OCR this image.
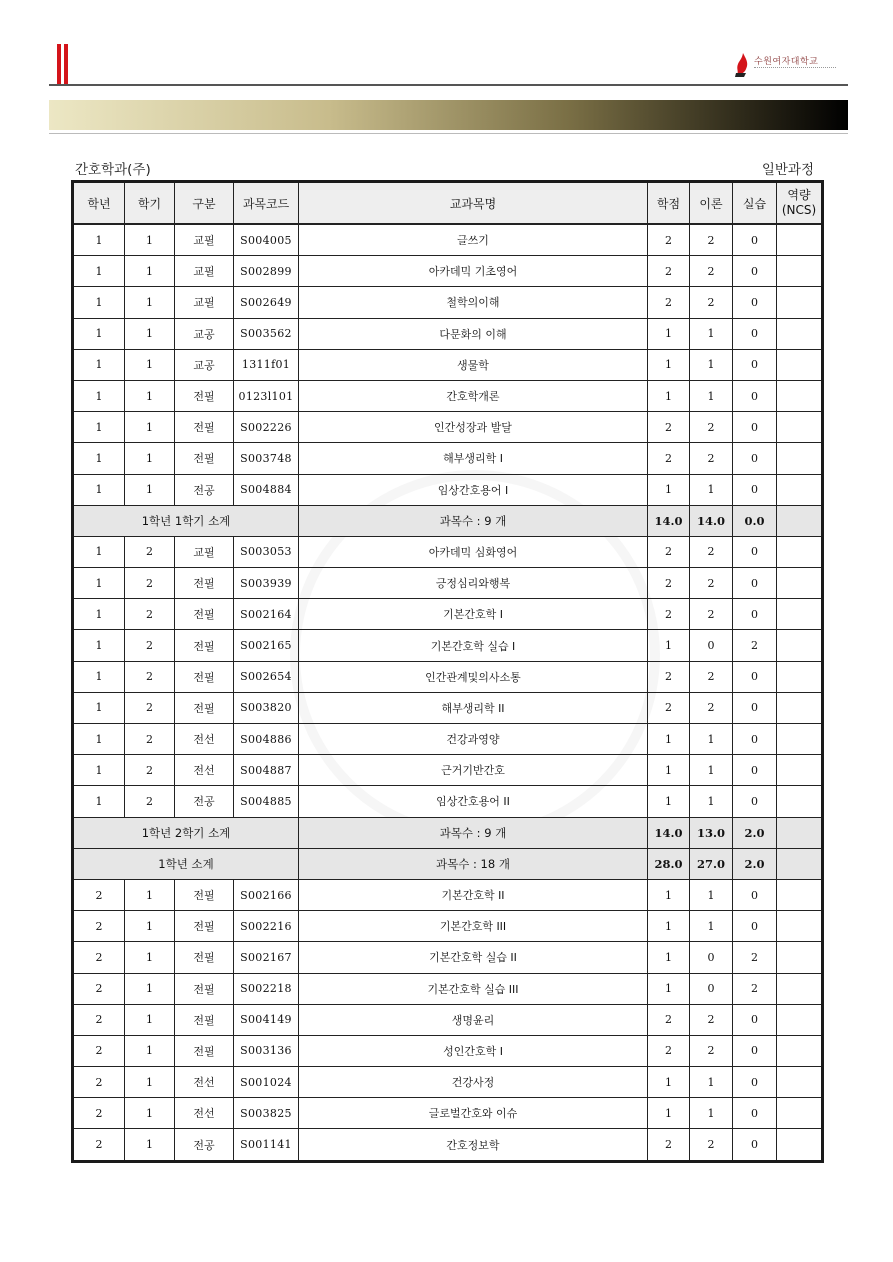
수원여자대학교
간호학과(주)	일반과정
학년	학기	구분	과목코드	교과목명	학점	이론	실습	역량
(NCS)
1	1	교필	S004005	글쓰기	2	2	0	
1	1	교필	S002899	아카데믹 기초영어	2	2	0	
1	1	교필	S002649	철학의이해	2	2	0	
1	1	교공	S003562	다문화의 이해	1	1	0	
1	1	교공	1311f01	생물학	1	1	0	
1	1	전필	0123l101	간호학개론	1	1	0	
1	1	전필	S002226	인간성장과 발달	2	2	0	
1	1	전필	S003748	해부생리학 I	2	2	0	
1	1	전공	S004884	임상간호용어 I	1	1	0	
1학년 1학기 소계				과목수 : 9 개	14.0	14.0	0.0	
1	2	교필	S003053	아카데믹 심화영어	2	2	0	
1	2	전필	S003939	긍정심리와행복	2	2	0	
1	2	전필	S002164	기본간호학 I	2	2	0	
1	2	전필	S002165	기본간호학 실습 I	1	0	2	
1	2	전필	S002654	인간관계및의사소통	2	2	0	
1	2	전필	S003820	해부생리학 II	2	2	0	
1	2	전선	S004886	건강과영양	1	1	0	
1	2	전선	S004887	근거기반간호	1	1	0	
1	2	전공	S004885	임상간호용어 II	1	1	0	
1학년 2학기 소계				과목수 : 9 개	14.0	13.0	2.0	
1학년 소계				과목수 : 18 개	28.0	27.0	2.0	
2	1	전필	S002166	기본간호학 II	1	1	0	
2	1	전필	S002216	기본간호학 III	1	1	0	
2	1	전필	S002167	기본간호학 실습 II	1	0	2	
2	1	전필	S002218	기본간호학 실습 III	1	0	2	
2	1	전필	S004149	생명윤리	2	2	0	
2	1	전필	S003136	성인간호학 I	2	2	0	
2	1	전선	S001024	건강사정	1	1	0	
2	1	전선	S003825	글로벌간호와 이슈	1	1	0	
2	1	전공	S001141	간호정보학	2	2	0	
